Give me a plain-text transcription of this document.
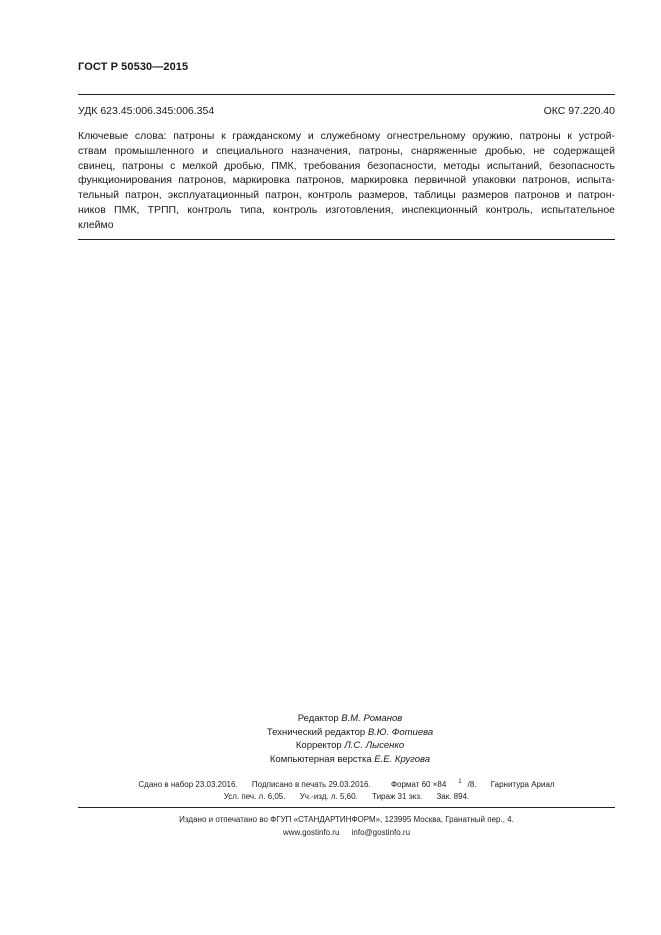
ГОСТ Р 50530—2015
УДК 623.45:006.345:006.354	ОКС 97.220.40
Ключевые слова: патроны к гражданскому и служебному огнестрельному оружию, патроны к устрой-
ствам промышленного и специального назначения, патроны, снаряженные дробью, не содержащей
свинец, патроны с мелкой дробью, ПМК, требования безопасности, методы испытаний, безопасность
функционирования патронов, маркировка патронов, маркировка первичной упаковки патронов, испыта-
тельный патрон, эксплуатационный патрон, контроль размеров, таблицы размеров патронов и патрон-
ников ПМК, ТРПП, контроль типа, контроль изготовления, инспекционный контроль, испытательное
клеймо
Редактор В.М. Романов
Технический редактор В.Ю. Фотиева
Корректор Л.С. Лысенко
Компьютерная верстка Е.Е. Кругова
Сдано в набор 23.03.2016. Подписано в печать 29.03.2016.	Формат 60 ×84 $^1$ /8. Гарнитура Ариал
Усл. печ. л. 6,05. Уч.-изд. л. 5,60. Тираж 31 экз. Зак. 894.
Издано и отпечатано во ФГУП «СТАНДАРТИНФОРМ», 123995 Москва, Гранатный пер., 4.
www.gostinfo.ru info@gostinfo.ru
